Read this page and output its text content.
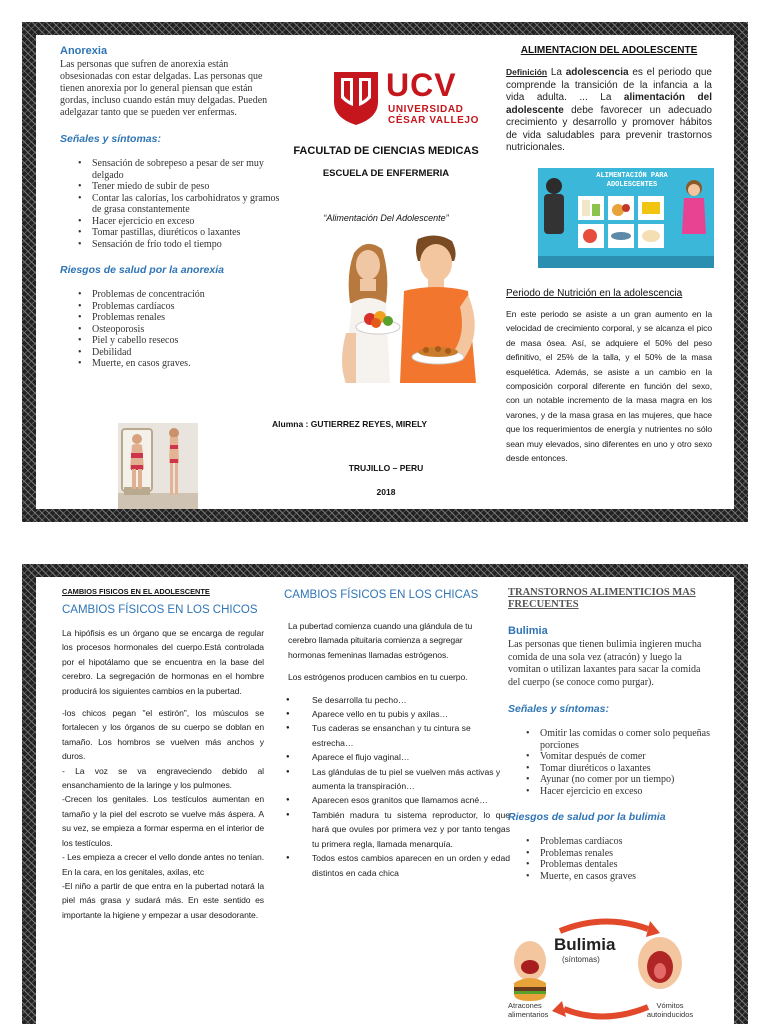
Anorexia

Las personas que sufren de anorexia están obsesionadas con estar delgadas. Las personas que tienen anorexia por lo general piensan que están gordas, incluso cuando están muy delgadas. Pueden adelgazar tanto que se pueden ver enfermas.

Señales y síntomas:
• Sensación de sobrepeso a pesar de ser muy delgado
• Tener miedo de subir de peso
• Contar las calorías, los carbohidratos y gramos de grasa constantemente
• Hacer ejercicio en exceso
• Tomar pastillas, diuréticos o laxantes
• Sensación de frío todo el tiempo
Riesgos de salud por la anorexia
• Problemas de concentración
• Problemas cardíacos
• Problemas renales
• Osteoporosis
• Piel y cabello resecos
• Debilidad
• Muerte, en casos graves.
UCV
UNIVERSIDAD
CÉSAR VALLEJO
FACULTAD DE CIENCIAS MEDICAS
ESCUELA DE ENFERMERIA
“Alimentación Del Adolescente”
Alumna : GUTIERREZ REYES, MIRELY
TRUJILLO – PERU
2018
ALIMENTACION DEL ADOLESCENTE

Definición La adolescencia es el periodo que comprende la transición de la infancia a la vida adulta. ... La alimentación del adolescente debe favorecer un adecuado crecimiento y desarrollo y promover hábitos de vida saludables para prevenir trastornos nutricionales.

ALIMENTACIÓN PARA
ADOLESCENTES
Periodo de Nutrición en la adolescencia

En este periodo se asiste a un gran aumento en la velocidad de crecimiento corporal, y se alcanza el pico de masa ósea. Así, se adquiere el 50% del peso definitivo, el 25% de la talla, y el 50% de la masa esquelética. Además, se asiste a un cambio en la composición corporal diferente en función del sexo, con un notable incremento de la masa magra en los varones, y de la masa grasa en las mujeres, que hace que los requerimientos de energía y nutrientes no sólo sean muy elevados, sino diferentes en uno y otro sexo desde entonces.

CAMBIOS FISICOS EN EL ADOLESCENTE
CAMBIOS FÍSICOS EN LOS CHICOS

La hipófisis es un órgano que se encarga de regular los procesos hormonales del cuerpo.Está controlada por el hipotálamo que se encuentra en la base del cerebro. La segregación de hormonas en el hombre producirá los siguientes cambios en la pubertad.

-los chicos pegan "el estirón", los músculos se fortalecen y los órganos de su cuerpo se doblan en tamaño. Los hombros se vuelven más anchos y duros.

- La voz se va engraveciendo debido al ensanchamiento de la laringe y los pulmones.

-Crecen los genitales. Los testículos aumentan en tamaño y la piel del escroto se vuelve más áspera. A su vez, se empieza a formar esperma en el interior de los testículos.

- Les empieza a crecer el vello donde antes no tenían. En la cara, en los genitales, axilas, etc

-El niño a partir de que entra en la pubertad notará la piel más grasa y sudará más. En este sentido es importante la higiene y empezar a usar desodorante.

CAMBIOS FÍSICOS EN LOS CHICAS

La pubertad comienza cuando una glándula de tu cerebro llamada pituitaria comienza a segregar hormonas femeninas llamadas estrógenos.

Los estrógenos producen cambios en tu cuerpo.

● Se desarrolla tu pecho…
● Aparece vello en tu pubis y axilas…
● Tus caderas se ensanchan y tu cintura se estrecha…
● Aparece el flujo vaginal…
● Las glándulas de tu piel se vuelven más activas y aumenta la transpiración…
● Aparecen esos granitos que llamamos acné…
● También madura tu sistema reproductor, lo que hará que ovules por primera vez y por tanto tengas tu primera regla, llamada menarquía.
● Todos estos cambios aparecen en un orden y edad distintos en cada chica
TRANSTORNOS ALIMENTICIOS MAS FRECUENTES
Bulimia

Las personas que tienen bulimia ingieren mucha comida de una sola vez (atracón) y luego la vomitan o utilizan laxantes para sacar la comida del cuerpo (se conoce como purgar).

Señales y síntomas:
• Omitir las comidas o comer solo pequeñas porciones
• Vomitar después de comer
• Tomar diuréticos o laxantes
• Ayunar (no comer por un tiempo)
• Hacer ejercicio en exceso
Riesgos de salud por la bulimia
• Problemas cardíacos
• Problemas renales
• Problemas dentales
• Muerte, en casos graves
Bulimia
(síntomas)
Atracones alimentarios
Vómitos autoinducidos
